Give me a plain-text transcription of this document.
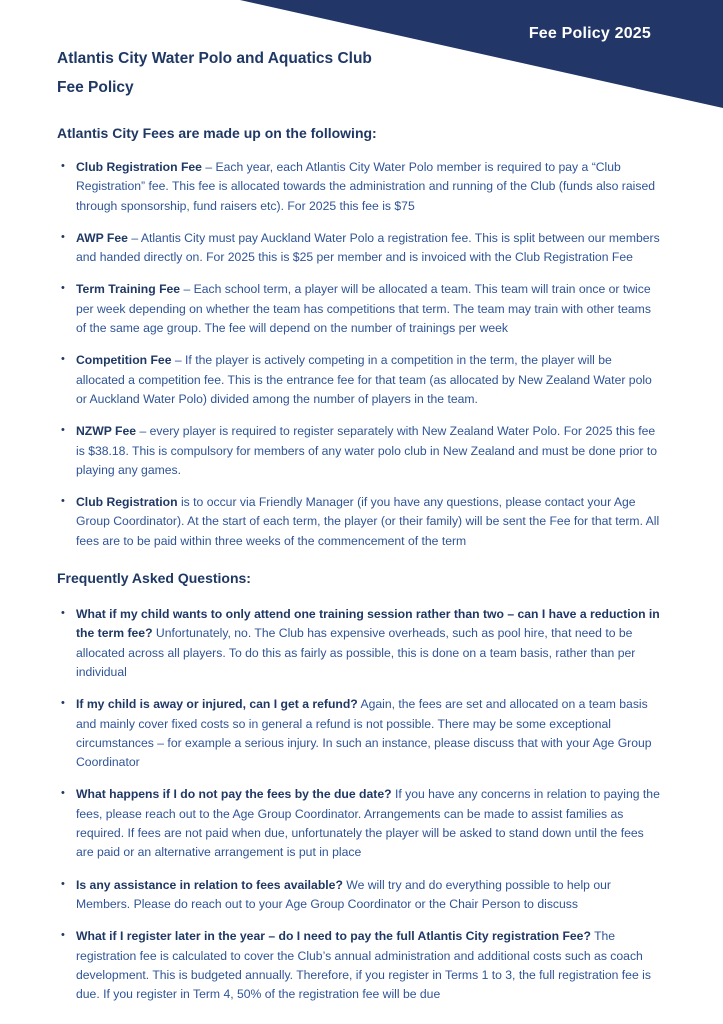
Fee Policy 2025
Atlantis City Water Polo and Aquatics Club
Fee Policy
Atlantis City Fees are made up on the following:
• Club Registration Fee – Each year, each Atlantis City Water Polo member is required to pay a “Club Registration” fee. This fee is allocated towards the administration and running of the Club (funds also raised through sponsorship, fund raisers etc). For 2025 this fee is $75
• AWP Fee – Atlantis City must pay Auckland Water Polo a registration fee. This is split between our members and handed directly on. For 2025 this is $25 per member and is invoiced with the Club Registration Fee
• Term Training Fee – Each school term, a player will be allocated a team. This team will train once or twice per week depending on whether the team has competitions that term. The team may train with other teams of the same age group. The fee will depend on the number of trainings per week
• Competition Fee – If the player is actively competing in a competition in the term, the player will be allocated a competition fee. This is the entrance fee for that team (as allocated by New Zealand Water polo or Auckland Water Polo) divided among the number of players in the team.
• NZWP Fee – every player is required to register separately with New Zealand Water Polo. For 2025 this fee is $38.18. This is compulsory for members of any water polo club in New Zealand and must be done prior to playing any games.
• Club Registration is to occur via Friendly Manager (if you have any questions, please contact your Age Group Coordinator). At the start of each term, the player (or their family) will be sent the Fee for that term. All fees are to be paid within three weeks of the commencement of the term
Frequently Asked Questions:
• What if my child wants to only attend one training session rather than two – can I have a reduction in the term fee? Unfortunately, no. The Club has expensive overheads, such as pool hire, that need to be allocated across all players. To do this as fairly as possible, this is done on a team basis, rather than per individual
• If my child is away or injured, can I get a refund? Again, the fees are set and allocated on a team basis and mainly cover fixed costs so in general a refund is not possible. There may be some exceptional circumstances – for example a serious injury. In such an instance, please discuss that with your Age Group Coordinator
• What happens if I do not pay the fees by the due date? If you have any concerns in relation to paying the fees, please reach out to the Age Group Coordinator. Arrangements can be made to assist families as required. If fees are not paid when due, unfortunately the player will be asked to stand down until the fees are paid or an alternative arrangement is put in place
• Is any assistance in relation to fees available? We will try and do everything possible to help our Members. Please do reach out to your Age Group Coordinator or the Chair Person to discuss
• What if I register later in the year – do I need to pay the full Atlantis City registration Fee? The registration fee is calculated to cover the Club’s annual administration and additional costs such as coach development. This is budgeted annually. Therefore, if you register in Terms 1 to 3, the full registration fee is due. If you register in Term 4, 50% of the registration fee will be due
